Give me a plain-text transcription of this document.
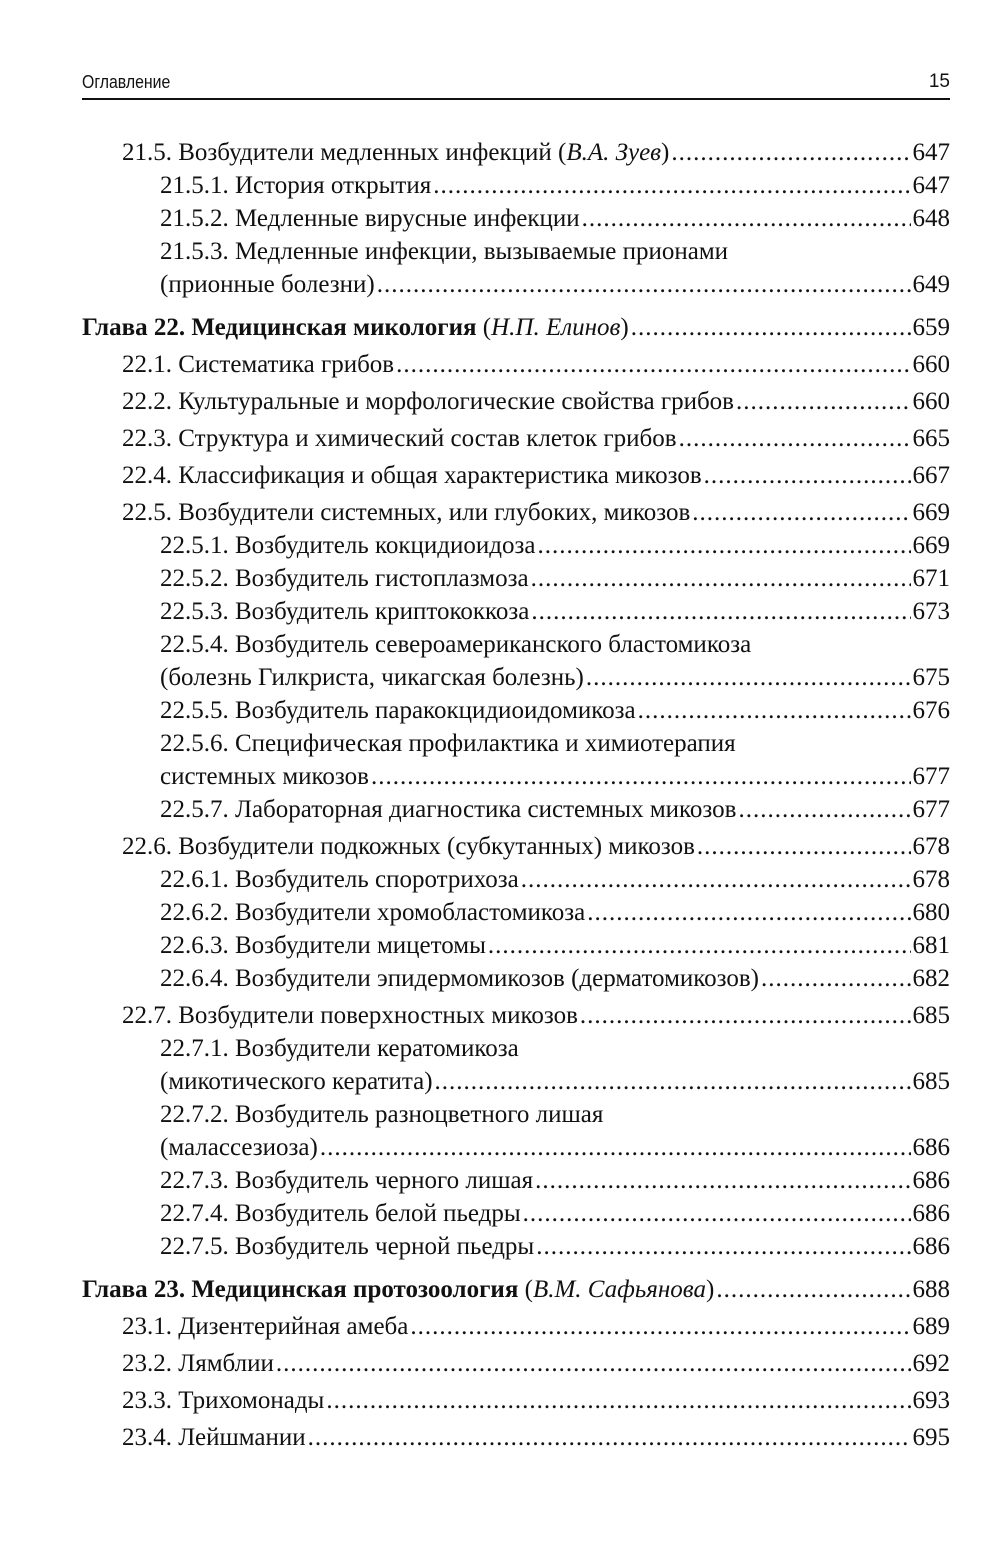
Оглавление	15
21.5. Возбудители медленных инфекций (В.А. Зуев) .....	647
21.5.1. История открытия .....	647
21.5.2. Медленные вирусные инфекции .....	648
21.5.3. Медленные инфекции, вызываемые прионами
(прионные болезни) .....	649
Глава 22. Медицинская микология (Н.П. Елинов) .....	659
22.1. Систематика грибов .....	660
22.2. Культуральные и морфологические свойства грибов .....	660
22.3. Структура и химический состав клеток грибов .....	665
22.4. Классификация и общая характеристика микозов .....	667
22.5. Возбудители системных, или глубоких, микозов .....	669
22.5.1. Возбудитель кокцидиоидоза .....	669
22.5.2. Возбудитель гистоплазмоза .....	671
22.5.3. Возбудитель криптококкоза .....	673
22.5.4. Возбудитель североамериканского бластомикоза
(болезнь Гилкриста, чикагская болезнь) .....	675
22.5.5. Возбудитель паракокцидиоидомикоза .....	676
22.5.6. Специфическая профилактика и химиотерапия
системных микозов .....	677
22.5.7. Лабораторная диагностика системных микозов .....	677
22.6. Возбудители подкожных (субкутанных) микозов .....	678
22.6.1. Возбудитель споротрихоза .....	678
22.6.2. Возбудители хромобластомикоза .....	680
22.6.3. Возбудители мицетомы .....	681
22.6.4. Возбудители эпидермомикозов (дерматомикозов) .....	682
22.7. Возбудители поверхностных микозов .....	685
22.7.1. Возбудители кератомикоза
(микотического кератита) .....	685
22.7.2. Возбудитель разноцветного лишая
(малассезиоза) .....	686
22.7.3. Возбудитель черного лишая .....	686
22.7.4. Возбудитель белой пьедры .....	686
22.7.5. Возбудитель черной пьедры .....	686
Глава 23. Медицинская протозоология (В.М. Сафьянова) .....	688
23.1. Дизентерийная амеба .....	689
23.2. Лямблии .....	692
23.3. Трихомонады .....	693
23.4. Лейшмании .....	695
